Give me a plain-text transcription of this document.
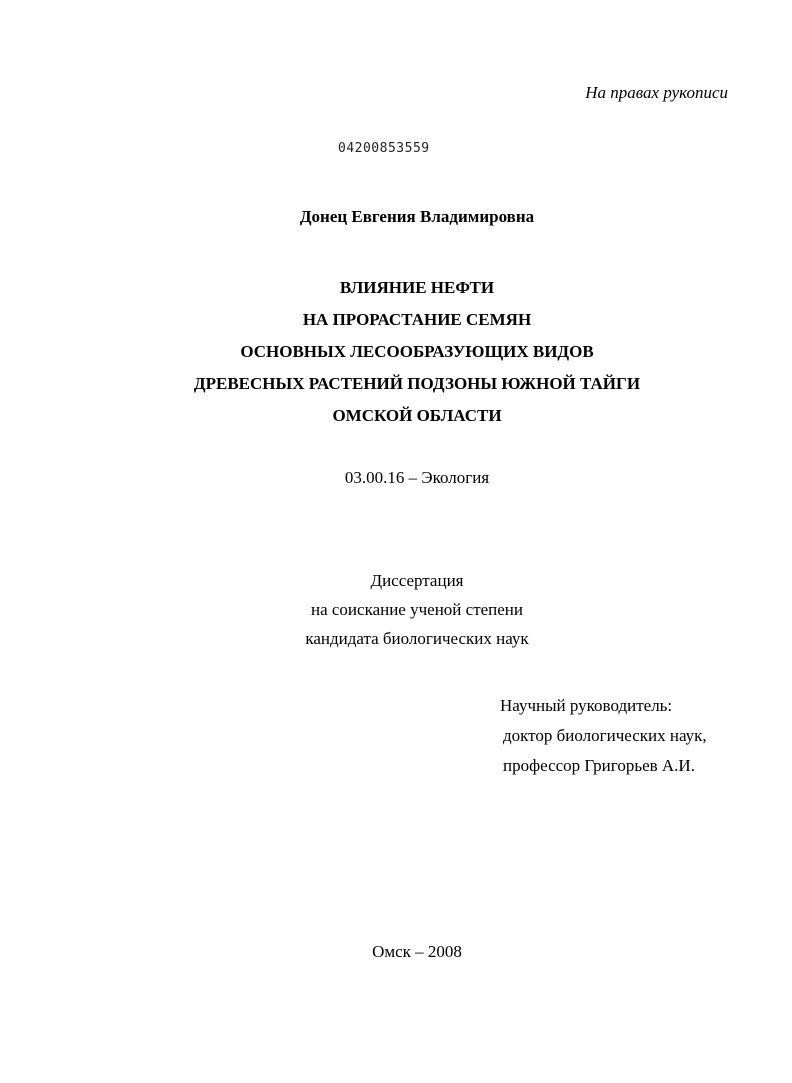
На правах рукописи
04200853559
Донец Евгения Владимировна
ВЛИЯНИЕ НЕФТИ
НА ПРОРАСТАНИЕ СЕМЯН
ОСНОВНЫХ ЛЕСООБРАЗУЮЩИХ ВИДОВ
ДРЕВЕСНЫХ РАСТЕНИЙ ПОДЗОНЫ ЮЖНОЙ ТАЙГИ
ОМСКОЙ ОБЛАСТИ
03.00.16 – Экология
Диссертация
на соискание ученой степени
кандидата биологических наук
Научный руководитель:
доктор биологических наук,
профессор Григорьев А.И.
Омск – 2008
